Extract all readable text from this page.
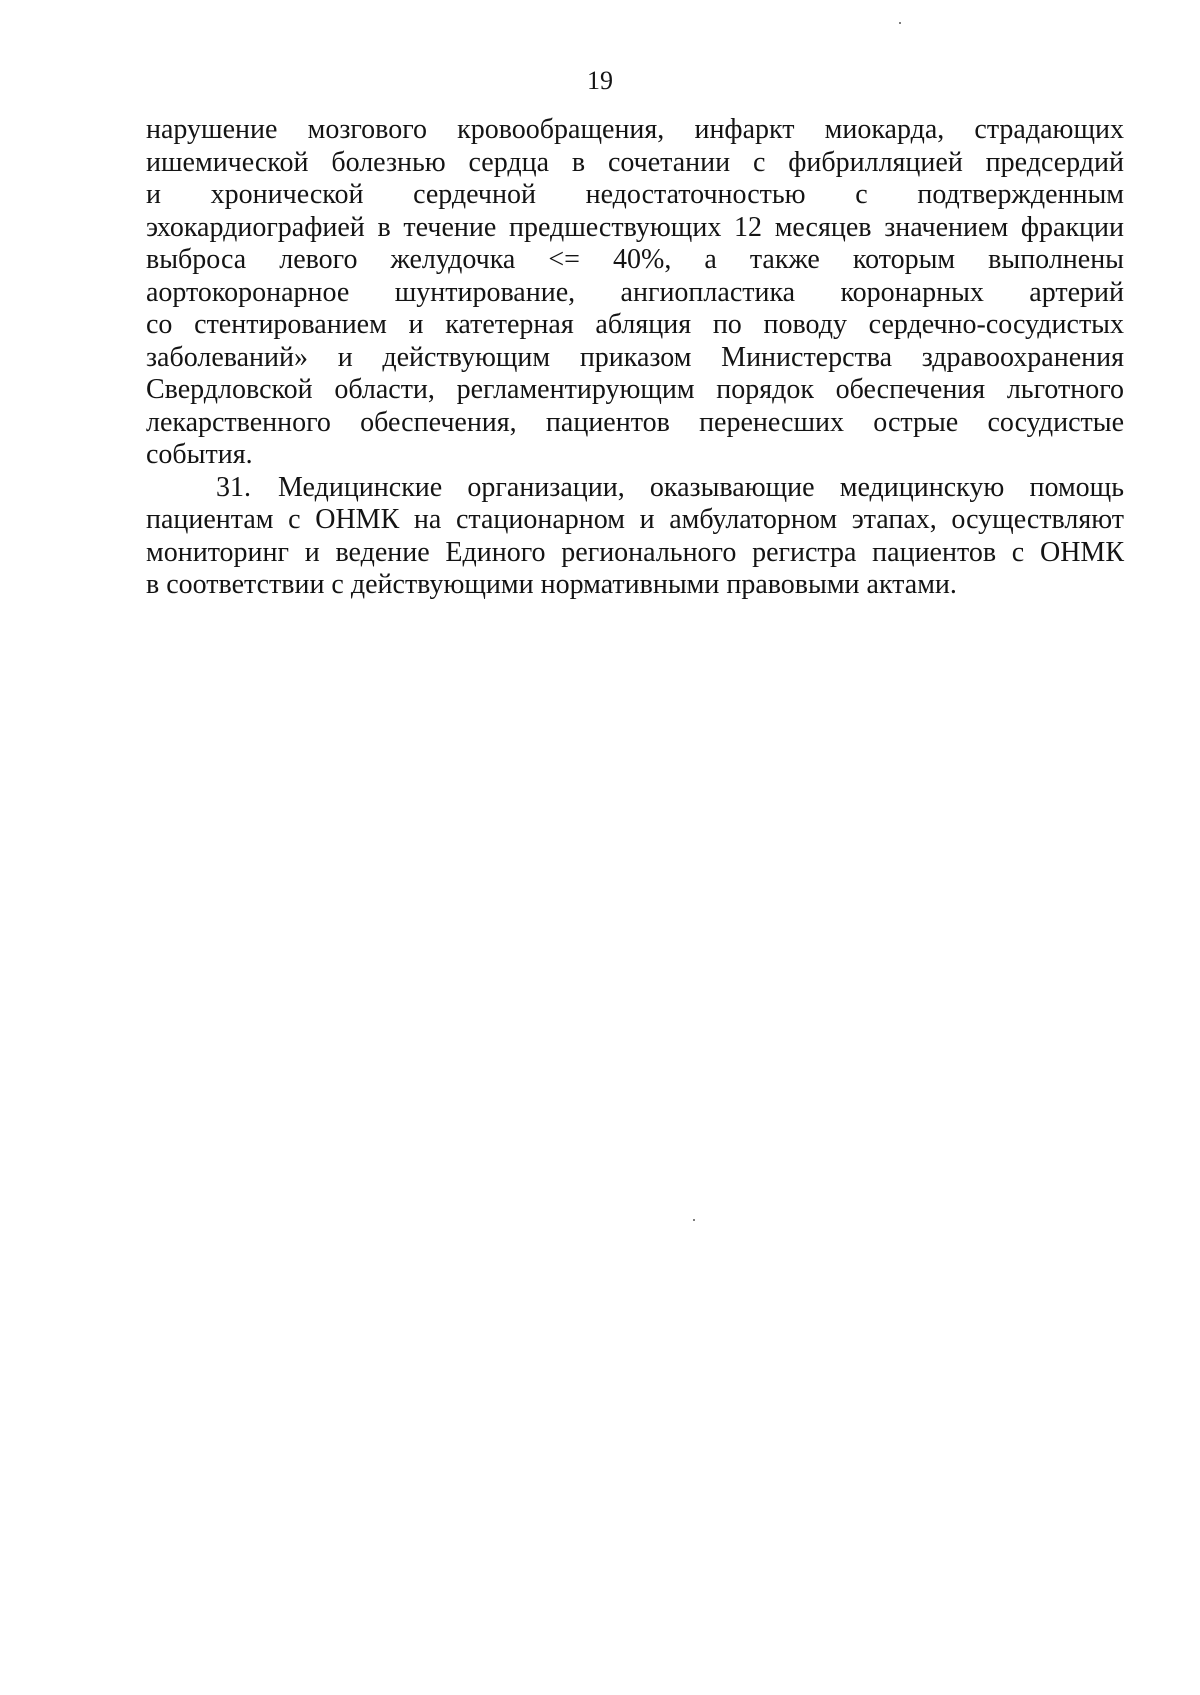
19

нарушение мозгового кровообращения, инфаркт миокарда, страдающих
ишемической болезнью сердца в сочетании с фибрилляцией предсердий
и хронической сердечной недостаточностью с подтвержденным
эхокардиографией в течение предшествующих 12 месяцев значением фракции
выброса левого желудочка <= 40%, а также которым выполнены
аортокоронарное шунтирование, ангиопластика коронарных артерий
со стентированием и катетерная абляция по поводу сердечно-сосудистых
заболеваний» и действующим приказом Министерства здравоохранения
Свердловской области, регламентирующим порядок обеспечения льготного
лекарственного обеспечения, пациентов перенесших острые сосудистые
события.

31. Медицинские организации, оказывающие медицинскую помощь
пациентам с ОНМК на стационарном и амбулаторном этапах, осуществляют
мониторинг и ведение Единого регионального регистра пациентов с ОНМК
в соответствии с действующими нормативными правовыми актами.
